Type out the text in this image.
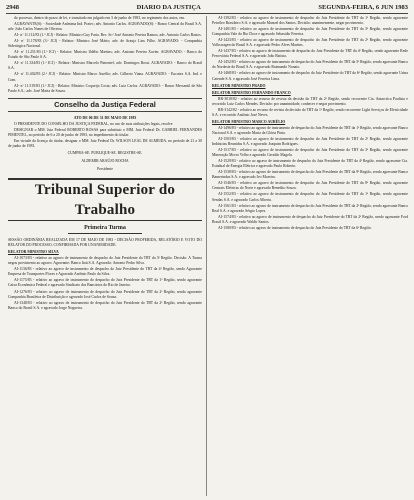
2948	DIARIO DA JUSTIÇA	SEGUNDA-FEIRA, 6 JUN 1983

do processo, dentro do prazo de lei, e transitado em julgado em 3 de junho de 1983, no regimento dos autos, em.

AGRAVANTE(S): - Sociedade Anônima Ind. Pratec; adv. Antonio Carlos. AGRAVADO(S): - Banco Central do Brasil S.A. adv. João Carlos Nunes de Oliveira.

AI- nº 11.112/83 (1.ª JCJ) - Relator: Ministro Guy Faria. Rec. Sr.ª José Antonio Pereira Ramos; adv. Antonio Carlos Bastos.

AI- nº 11.178/83 (3.ª JCJ) - Relator: Ministro José Mário; adv. de Araujo Lins Filho. AGRAVADO: - Companhia Siderúrgica Nacional.

AI- nº 11.251/83 (1.ª JCJ) - Relator: Ministro Ildélio Martins; adv. Antonio Pereira Xavier. AGRAVADO: - Banco do Estado de São Paulo S.A.

AI- nº 11.334/83 (1.ª JCJ) - Relator: Ministro Marcelo Pimentel; adv. Domingos Rossi. AGRAVADO: - Banco do Brasil S.A.

AI- nº 11.402/83 (2.ª JCJ) - Relator: Ministro Marco Aurélio; adv. Gilberto Viana. AGRAVADO: - Eucatex S.A. Ind. e Com.

AI- nº 11.519/83 (1.ª JCJ) - Relator: Ministro Coqueijo Costa; adv. Luiz Carlos. AGRAVADO: - Banco Mercantil de São Paulo S.A.; adv. José Maria de Souza.

Conselho da Justiça Federal

ATO DE 06 DE 31 DE MAIO DE 1983

O PRESIDENTE DO CONSELHO DA JUSTIÇA FEDERAL, no uso de suas atribuições legais, resolve

DESIGNAR o MM. Juiz Federal ROBERTO ROSAS para substituir o MM. Juiz Federal Dr. GABRIEL FERNANDES PIMENTEL, no período de 6 a 20 de junho de 1983, no impedimento do titular.

Em virtude da licença do titular, designar o MM. Juiz Federal Dr. WILSON LEAL DE ALMEIDA, no período de 21 a 30 de junho de 1983.

CUMPRA-SE. PUBLIQUE-SE. REGISTRE-SE.

ALDEMIR ARAÚJO ROCHA

Presidente

Tribunal Superior do Trabalho
Primeira Turma

SESSÃO ORDINÁRIA REALIZADA EM 17 DE MAIO DE 1983 - DECISÃO PROFERIDA, RELATÓRIO E VOTO DO RELATOR DO PROCESSO, CONFIRMADA POR UNANIMIDADE.

RELATOR MINISTRO SILVA

AI-1073/83 - relativo ao agravo de instrumento de despacho do Juiz Presidente do TRT da 3ª Região. Decisão: A Turma negou provimento ao agravo. Agravante: Banco Itaú S.A. Agravado: Antonio Pedro Silva.

AI-1136/83 - relativo ao agravo de instrumento de despacho do Juiz Presidente do TRT da 4ª Região, sendo Agravante Empresa de Transportes Flores e Agravado Antônio Paulo da Silva.

AI-1175/83 - relativo ao agravo de instrumento do despacho do Juiz Presidente do TRT da 1ª Região, sendo agravante Caixa Econômica Federal e agravado Sindicato dos Bancários do Rio de Janeiro.

AI-1276/83 - relativo ao agravo de instrumento de despacho do Juiz Presidente do TRT da 2ª Região, sendo agravante Companhia Brasileira de Distribuição e agravado José Carlos de Souza.

AI-1348/83 - relativo ao agravo de instrumento de despacho do Juiz Presidente do TRT da 2ª Região, sendo agravante Banco do Brasil S.A. e agravado Jorge Nogueira.

AI-1392/83 - relativo ao agravo de instrumento de despacho do Juiz Presidente do TRT da 1ª Região, sendo agravante Petróleo Brasileiro S.A. e agravado Manoel dos Santos. Decisão: unanimemente, negar provimento.

AI-1401/83 - relativo ao agravo de instrumento de despacho do Juiz Presidente do TRT da 3ª Região, sendo agravante Companhia Vale do Rio Doce e agravado Sebastião Ferreira.

AI-1423/83 - relativo ao agravo de instrumento de despacho do Juiz Presidente do TRT da 2ª Região, sendo agravante Volkswagen do Brasil S.A. e agravado Pedro Alves Martins.

AI-1437/83 - relativo ao agravo de instrumento de despacho do Juiz Presidente do TRT da 4ª Região, sendo agravante Rede Ferroviária Federal S.A. e agravado João Batista.

AI-1452/83 - relativo ao agravo de instrumento de despacho do Juiz Presidente do TRT da 5ª Região, sendo agravante Banco do Nordeste do Brasil S.A. e agravado Raimundo Nonato.

AI-1468/83 - relativo ao agravo de instrumento de despacho do Juiz Presidente do TRT da 6ª Região, sendo agravante Usina Catende S.A. e agravado José Ferreira Lima.

RELATOR MINISTRO PRADO

RELATOR MINISTRO FERNANDO FRANCO

RR-3018/82 - relativo ao recurso de revista da decisão do TRT da 2ª Região, sendo recorrente Cia. Antarctica Paulista e recorrido Luiz Carlos Mendes. Decisão: por unanimidade, conhecer e negar provimento.

RR-3142/82 - relativo ao recurso de revista da decisão do TRT da 1ª Região, sendo recorrente Light Serviços de Eletricidade S.A. e recorrido Antônio José Neves.

RELATOR MINISTRO MARCO AURÉLIO

AI-1496/83 - relativo ao agravo de instrumento de despacho do Juiz Presidente do TRT da 1ª Região, sendo agravante Banco Nacional S.A. e agravado Maria da Glória Pinto.

AI-1503/83 - relativo ao agravo de instrumento de despacho do Juiz Presidente do TRT da 2ª Região, sendo agravante Indústrias Reunidas S.A. e agravado Joaquim Rodrigues.

AI-1517/83 - relativo ao agravo de instrumento de despacho do Juiz Presidente do TRT da 3ª Região, sendo agravante Mineração Morro Velho e agravado Geraldo Magela.

AI-1529/83 - relativo ao agravo de instrumento de despacho do Juiz Presidente do TRT da 4ª Região, sendo agravante Cia. Estadual de Energia Elétrica e agravado Paulo Roberto.

AI-1538/83 - relativo ao agravo de instrumento de despacho do Juiz Presidente do TRT da 9ª Região, sendo agravante Banco Bamerindus S.A. e agravado Ivo Moreira.

AI-1546/83 - relativo ao agravo de instrumento de despacho do Juiz Presidente do TRT da 8ª Região, sendo agravante Centrais Elétricas do Norte e agravado Benedito Souza.

AI-1552/83 - relativo ao agravo de instrumento de despacho do Juiz Presidente do TRT da 1ª Região, sendo agravante Sendas S.A. e agravado Carlos Alberto.

AI-1561/83 - relativo ao agravo de instrumento de despacho do Juiz Presidente do TRT da 2ª Região, sendo agravante Banco Real S.A. e agravado Sérgio Lopes.

AI-1574/83 - relativo ao agravo de instrumento de despacho do Juiz Presidente do TRT da 2ª Região, sendo agravante Ford Brasil S.A. e agravado Waldir Santos.

AI-1580/83 - relativo ao agravo de instrumento de despacho do Juiz Presidente do TRT da 6ª Região.
